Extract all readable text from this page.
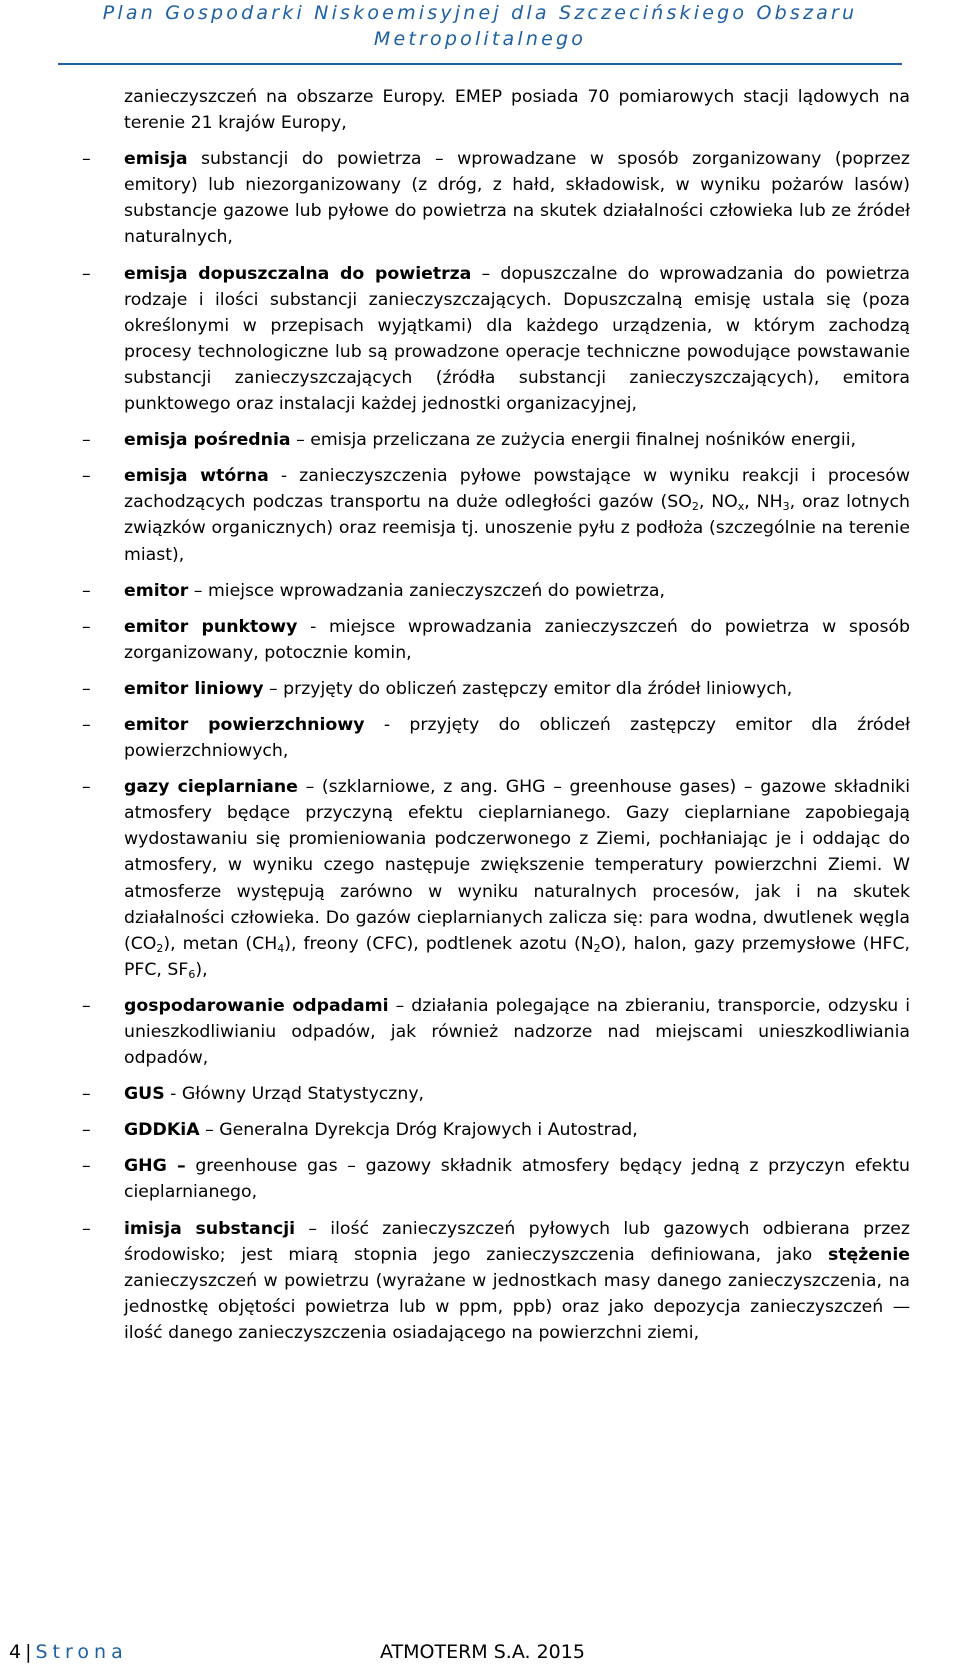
Plan Gospodarki Niskoemisyjnej dla Szczecińskiego Obszaru
Metropolitalnego

zanieczyszczeń na obszarze Europy. EMEP posiada 70 pomiarowych stacji lądowych na terenie 21 krajów Europy,

– emisja substancji do powietrza – wprowadzane w sposób zorganizowany (poprzez emitory) lub niezorganizowany (z dróg, z hałd, składowisk, w wyniku pożarów lasów) substancje gazowe lub pyłowe do powietrza na skutek działalności człowieka lub ze źródeł naturalnych,
– emisja dopuszczalna do powietrza – dopuszczalne do wprowadzania do powietrza rodzaje i ilości substancji zanieczyszczających. Dopuszczalną emisję ustala się (poza określonymi w przepisach wyjątkami) dla każdego urządzenia, w którym zachodzą procesy technologiczne lub są prowadzone operacje techniczne powodujące powstawanie substancji zanieczyszczających (źródła substancji zanieczyszczających), emitora punktowego oraz instalacji każdej jednostki organizacyjnej,
– emisja pośrednia – emisja przeliczana ze zużycia energii finalnej nośników energii,
– emisja wtórna - zanieczyszczenia pyłowe powstające w wyniku reakcji i procesów zachodzących podczas transportu na duże odległości gazów ($SO_2$, $NO_x$, $NH_3$, oraz lotnych związków organicznych) oraz reemisja tj. unoszenie pyłu z podłoża (szczególnie na terenie miast),
– emitor – miejsce wprowadzania zanieczyszczeń do powietrza,
– emitor punktowy - miejsce wprowadzania zanieczyszczeń do powietrza w sposób zorganizowany, potocznie komin,
– emitor liniowy – przyjęty do obliczeń zastępczy emitor dla źródeł liniowych,
– emitor powierzchniowy - przyjęty do obliczeń zastępczy emitor dla źródeł powierzchniowych,
– gazy cieplarniane – (szklarniowe, z ang. GHG – greenhouse gases) – gazowe składniki atmosfery będące przyczyną efektu cieplarnianego. Gazy cieplarniane zapobiegają wydostawaniu się promieniowania podczerwonego z Ziemi, pochłaniając je i oddając do atmosfery, w wyniku czego następuje zwiększenie temperatury powierzchni Ziemi. W atmosferze występują zarówno w wyniku naturalnych procesów, jak i na skutek działalności człowieka. Do gazów cieplarnianych zalicza się: para wodna, dwutlenek węgla $(CO_2)$, metan $(CH_4)$, freony (CFC), podtlenek azotu $(N_2O)$, halon, gazy przemysłowe (HFC, PFC, $SF_6$),
– gospodarowanie odpadami – działania polegające na zbieraniu, transporcie, odzysku i unieszkodliwianiu odpadów, jak również nadzorze nad miejscami unieszkodliwiania odpadów,
– GUS - Główny Urząd Statystyczny,
– GDDKiA – Generalna Dyrekcja Dróg Krajowych i Autostrad,
– GHG – greenhouse gas – gazowy składnik atmosfery będący jedną z przyczyn efektu cieplarnianego,
– imisja substancji – ilość zanieczyszczeń pyłowych lub gazowych odbierana przez środowisko; jest miarą stopnia jego zanieczyszczenia definiowana, jako stężenie zanieczyszczeń w powietrzu (wyrażane w jednostkach masy danego zanieczyszczenia, na jednostkę objętości powietrza lub w ppm, ppb) oraz jako depozycja zanieczyszczeń — ilość danego zanieczyszczenia osiadającego na powierzchni ziemi,
4 | Strona	ATMOTERM S.A. 2015
